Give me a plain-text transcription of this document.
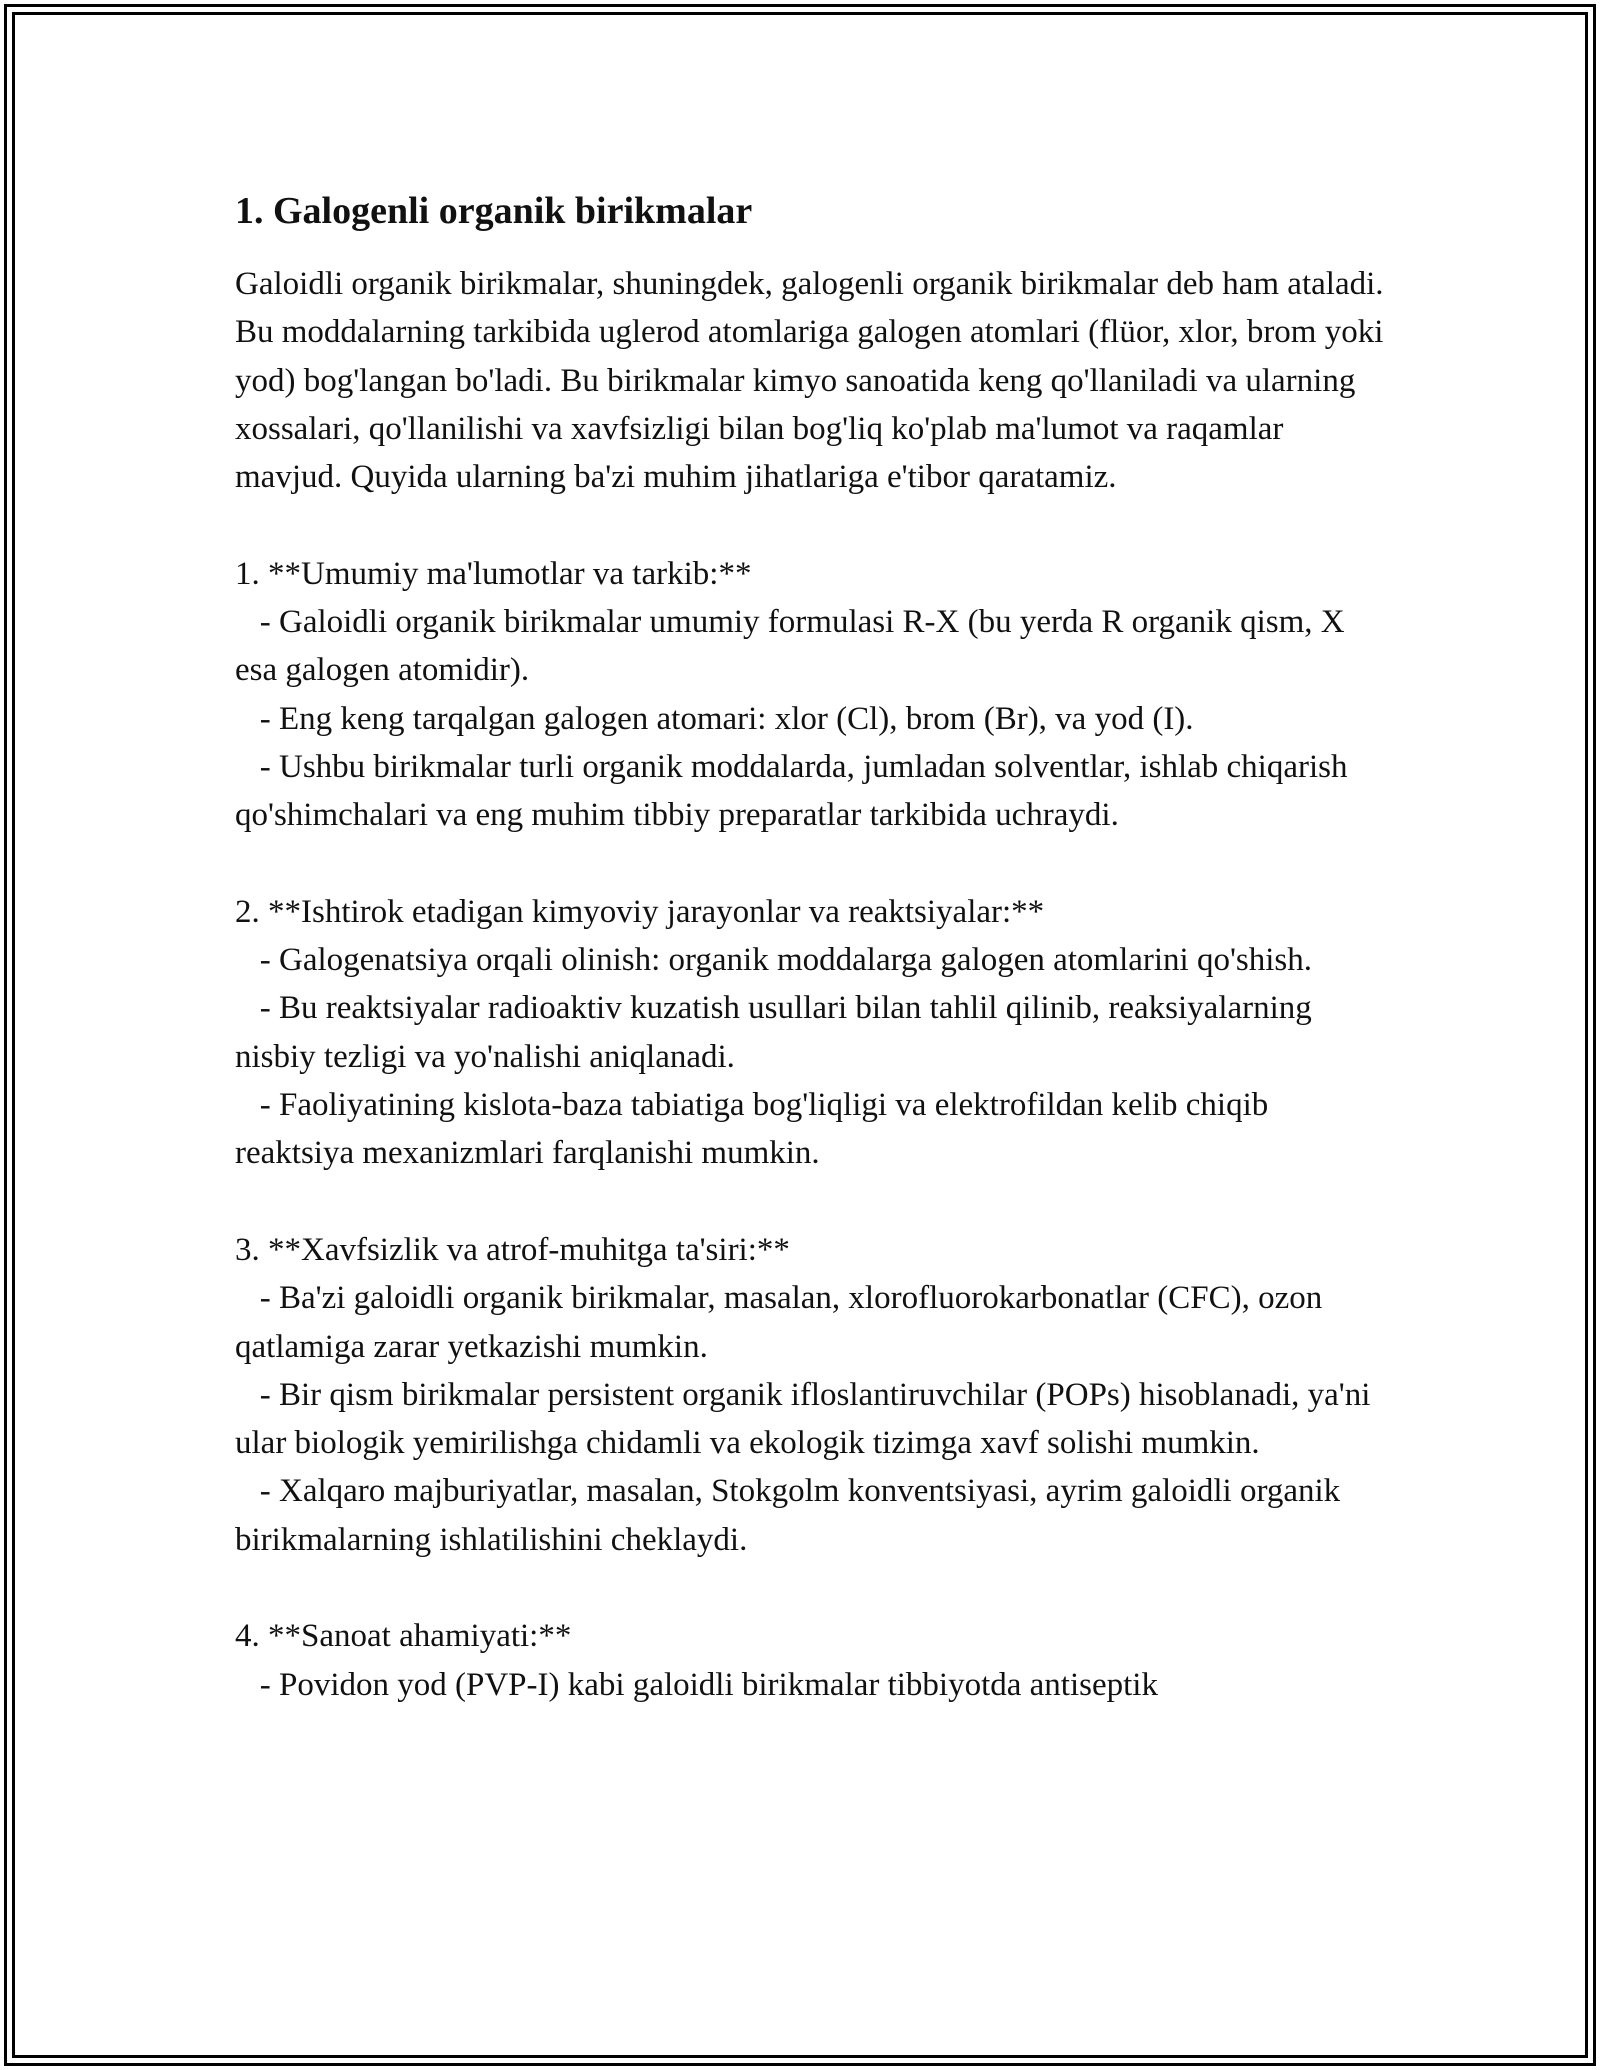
1. Galogenli organik birikmalar

Galoidli organik birikmalar, shuningdek, galogenli organik birikmalar deb ham ataladi. Bu moddalarning tarkibida uglerod atomlariga galogen atomlari (flüor, xlor, brom yoki yod) bog'langan bo'ladi. Bu birikmalar kimyo sanoatida keng qo'llaniladi va ularning xossalari, qo'llanilishi va xavfsizligi bilan bog'liq ko'plab ma'lumot va raqamlar mavjud. Quyida ularning ba'zi muhim jihatlariga e'tibor qaratamiz.

1. **Umumiy ma'lumotlar va tarkib:**

- Galoidli organik birikmalar umumiy formulasi R-X (bu yerda R organik qism, X esa galogen atomidir).

- Eng keng tarqalgan galogen atomari: xlor (Cl), brom (Br), va yod (I).

- Ushbu birikmalar turli organik moddalarda, jumladan solventlar, ishlab chiqarish qo'shimchalari va eng muhim tibbiy preparatlar tarkibida uchraydi.

2. **Ishtirok etadigan kimyoviy jarayonlar va reaktsiyalar:**

- Galogenatsiya orqali olinish: organik moddalarga galogen atomlarini qo'shish.

- Bu reaktsiyalar radioaktiv kuzatish usullari bilan tahlil qilinib, reaksiyalarning nisbiy tezligi va yo'nalishi aniqlanadi.

- Faoliyatining kislota-baza tabiatiga bog'liqligi va elektrofildan kelib chiqib reaktsiya mexanizmlari farqlanishi mumkin.

3. **Xavfsizlik va atrof-muhitga ta'siri:**

- Ba'zi galoidli organik birikmalar, masalan, xlorofluorokarbonatlar (CFC), ozon qatlamiga zarar yetkazishi mumkin.

- Bir qism birikmalar persistent organik ifloslantiruvchilar (POPs) hisoblanadi, ya'ni ular biologik yemirilishga chidamli va ekologik tizimga xavf solishi mumkin.

- Xalqaro majburiyatlar, masalan, Stokgolm konventsiyasi, ayrim galoidli organik birikmalarning ishlatilishini cheklaydi.

4. **Sanoat ahamiyati:**

- Povidon yod (PVP-I) kabi galoidli birikmalar tibbiyotda antiseptik
